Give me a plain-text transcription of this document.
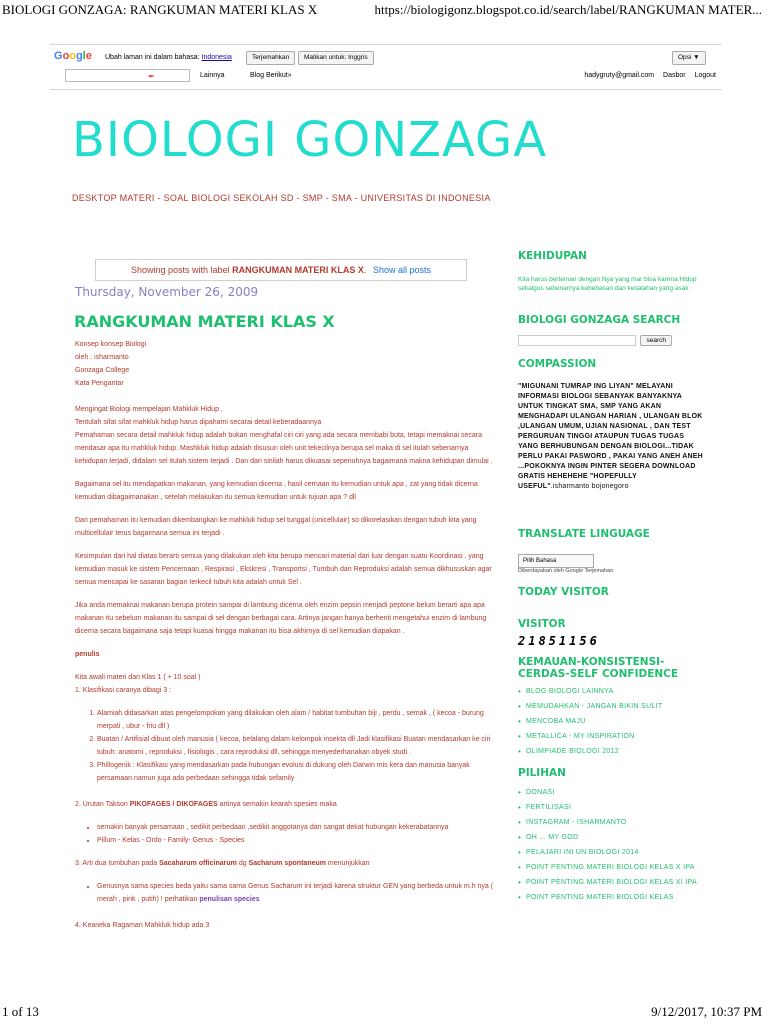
BIOLOGI GONZAGA: RANGKUMAN MATERI KLAS X	https://biologigonz.blogspot.co.id/search/label/RANGKUMAN MATER...
Google Ubah laman ini dalam bahasa: Indonesia	Terjemahkan	Matikan untuk: Inggris	Opsi ▼
✒	Lainnya	Blog Berikut»	hadygruty@gmail.com Dasbor Logout
BIOLOGI GONZAGA
DESKTOP MATERI - SOAL BIOLOGI SEKOLAH SD - SMP - SMA - UNIVERSITAS DI INDONESIA
Showing posts with label RANGKUMAN MATERI KLAS X. Show all posts
Thursday, November 26, 2009
RANGKUMAN MATERI KLAS X

Konsep konsep Biologi

oleh : isharmanto

Gonzaga College

Kata Pengantar

Mengingat Biologi mempelajari Mahkluk Hidup ,

Tentulah sifat sifat mahkluk hidup harus dipahami secarai detail keberadaannya

Pemahaman secara detail mahkluk hidup adalah bukan menghafal ciri ciri yang ada secara membabi buta, tetapi memaknai secara mendasar apa itu mahkluk hidup. Mashkluk hidup adalah disusun oleh unit tekecilnya berupa sel maka di sel itulah sebenarnya kehidupan terjadi, didalam sel itulah sistem terjadi . Dan dari sinilah harus dikuasai sepenuhnya bagaimana makna kehidupan dimulai .

Bagaimana sel itu mendapatkan makanan, yang kemudian dicerna , hasil cernaan itu kemudian untuk apa , zat yang tidak dicerna kemudian dibagaimanakan , setelah melakukan itu semua kemudian untuk tujuan apa ? dll

Dari pemahaman itu kemudian dikembangkan ke mahkluk hidup sel tunggal (unicellulair) so dikorelasikan dengan tubuh kita yang multicellulair terus bagaimana semua ini terjadi .

Kesimpulan dari hal diatas berarti semua yang dilakukan oleh kita berupa mencari material dari luar dengan suatu Koordinasi . yang kemudian masuk ke sistem Pencernaan , Respirasi , Ekskresi , Transportsi , Tumbuh dan Reproduksi adalah semua dikhususkan agar semua mencapai ke sasaran bagian terkecil tubuh kita adalah untuk Sel .

Jika anda memaknai makanan berupa protein sampai di lambung dicerna oleh enzim pepsin menjadi peptone belum berarti apa apa makanan itu sebelum makanan itu sampai di sel dengan berbagai cara. Artinya jangan hanya berhenti mengetahui enzim di lambung dicerna secara bagaimana saja tetapi kuasai hingga makanan itu bisa akhirnya di sel kemudian diapakan .

penulis

Kita awali materi dari Klas 1 ( + 10 soal )

1. Klasifikasi caranya dibagi 3 :

1. Alamiah didasarkan atas pengelompokan yang dilakukan oleh alam / habitat tumbuhan biji , perdu , semak , ( kecoa - burung merpati , ubur - friu dll )
2. Buatan / Artifisial dibuat oleh manusia ( kecoa, belalang dalam kelompok insekta dll Jadi klasifikasi Buatan mendasarkan ke ciri tubuh: anatomi , reproduksi , fisiologis , cara reproduksi dll, sehingga menyederhanakan obyek studi .
3. Phillogenik : Klasifikasi yang mendasarkan pada hubungan evolusi di dukung oleh Darwin mis kera dan manusia banyak persamaan namun juga ada perbedaan sehingga tidak sefamily

2. Urutan Takson PIKOFAGES / DIKOFAGES artinya semakin kearah spesies maka

• semakin banyak persamaan , sedikit perbedaan ,sedikit anggotanya dan sangat dekat hubungan kekerabatannya
• Pillum - Kelas - Ordo - Family- Genus - Species

3. Arti dua tumbuhan pada Sacaharum officinarum dg Sacharum spontaneum menunjukkan

• Genusnya sama species beda yaitu sama sama Genus Sacharum ini terjadi karena struktur GEN yang berbeda untuk m.h nya ( merah , pink , putih) ! perhatikan penulisan species

4. Keaneka Ragaman Mahkluk hidup ada 3

KEHIDUPAN

Kita harus berteman dengan Nya yang mar bisa karena Hidup sekalgus sebenarnya kebebasan dan kesalahan yang asak

BIOLOGI GONZAGA SEARCH

search

COMPASSION

"MIGUNANI TUMRAP ING LIYAN" MELAYANI INFORMASI BIOLOGI SEBANYAK BANYAKNYA UNTUK TINGKAT SMA, SMP YANG AKAN MENGHADAPI ULANGAN HARIAN , ULANGAN BLOK ,ULANGAN UMUM, UJIAN NASIONAL , DAN TEST PERGURUAN TINGGI ATAUPUN TUGAS TUGAS YANG BERHUBUNGAN DENGAN BIOLOGI...TIDAK PERLU PAKAI PASWORD , PAKAI YANG ANEH ANEH ...POKOKNYA INGIN PINTER SEGERA DOWNLOAD GRATIS HEHEHEHE "HOPEFULLY USEFUL".isharmanto bojonegoro

TRANSLATE LINGUAGE

Pilih Bahasa
Diberdayakan oleh Google Terjemahan

TODAY VISITOR

VISITOR

21851156

KEMAUAN-KONSISTENSI-CERDAS-SELF CONFIDENCE

• BLOG BIOLOGI LAINNYA
• MEMUDAHKAN - JANGAN BIKIN SULIT
• MENCOBA MAJU
• METALLICA - MY INSPIRATION
• OLIMPIADE BIOLOGI 2012

PILIHAN

• DONASI
• FERTILISASI
• INSTAGRAM - ISHARMANTO
• OH ... MY GOD
• PELAJARI INI UN BIOLOGI 2014
• POINT PENTING MATERI BIOLOGI KELAS X IPA
• POINT PENTING MATERI BIOLOGI KELAS XI IPA
• POINT PENTING MATERI BIOLOGI KELAS
1 of 13	9/12/2017, 10:37 PM
